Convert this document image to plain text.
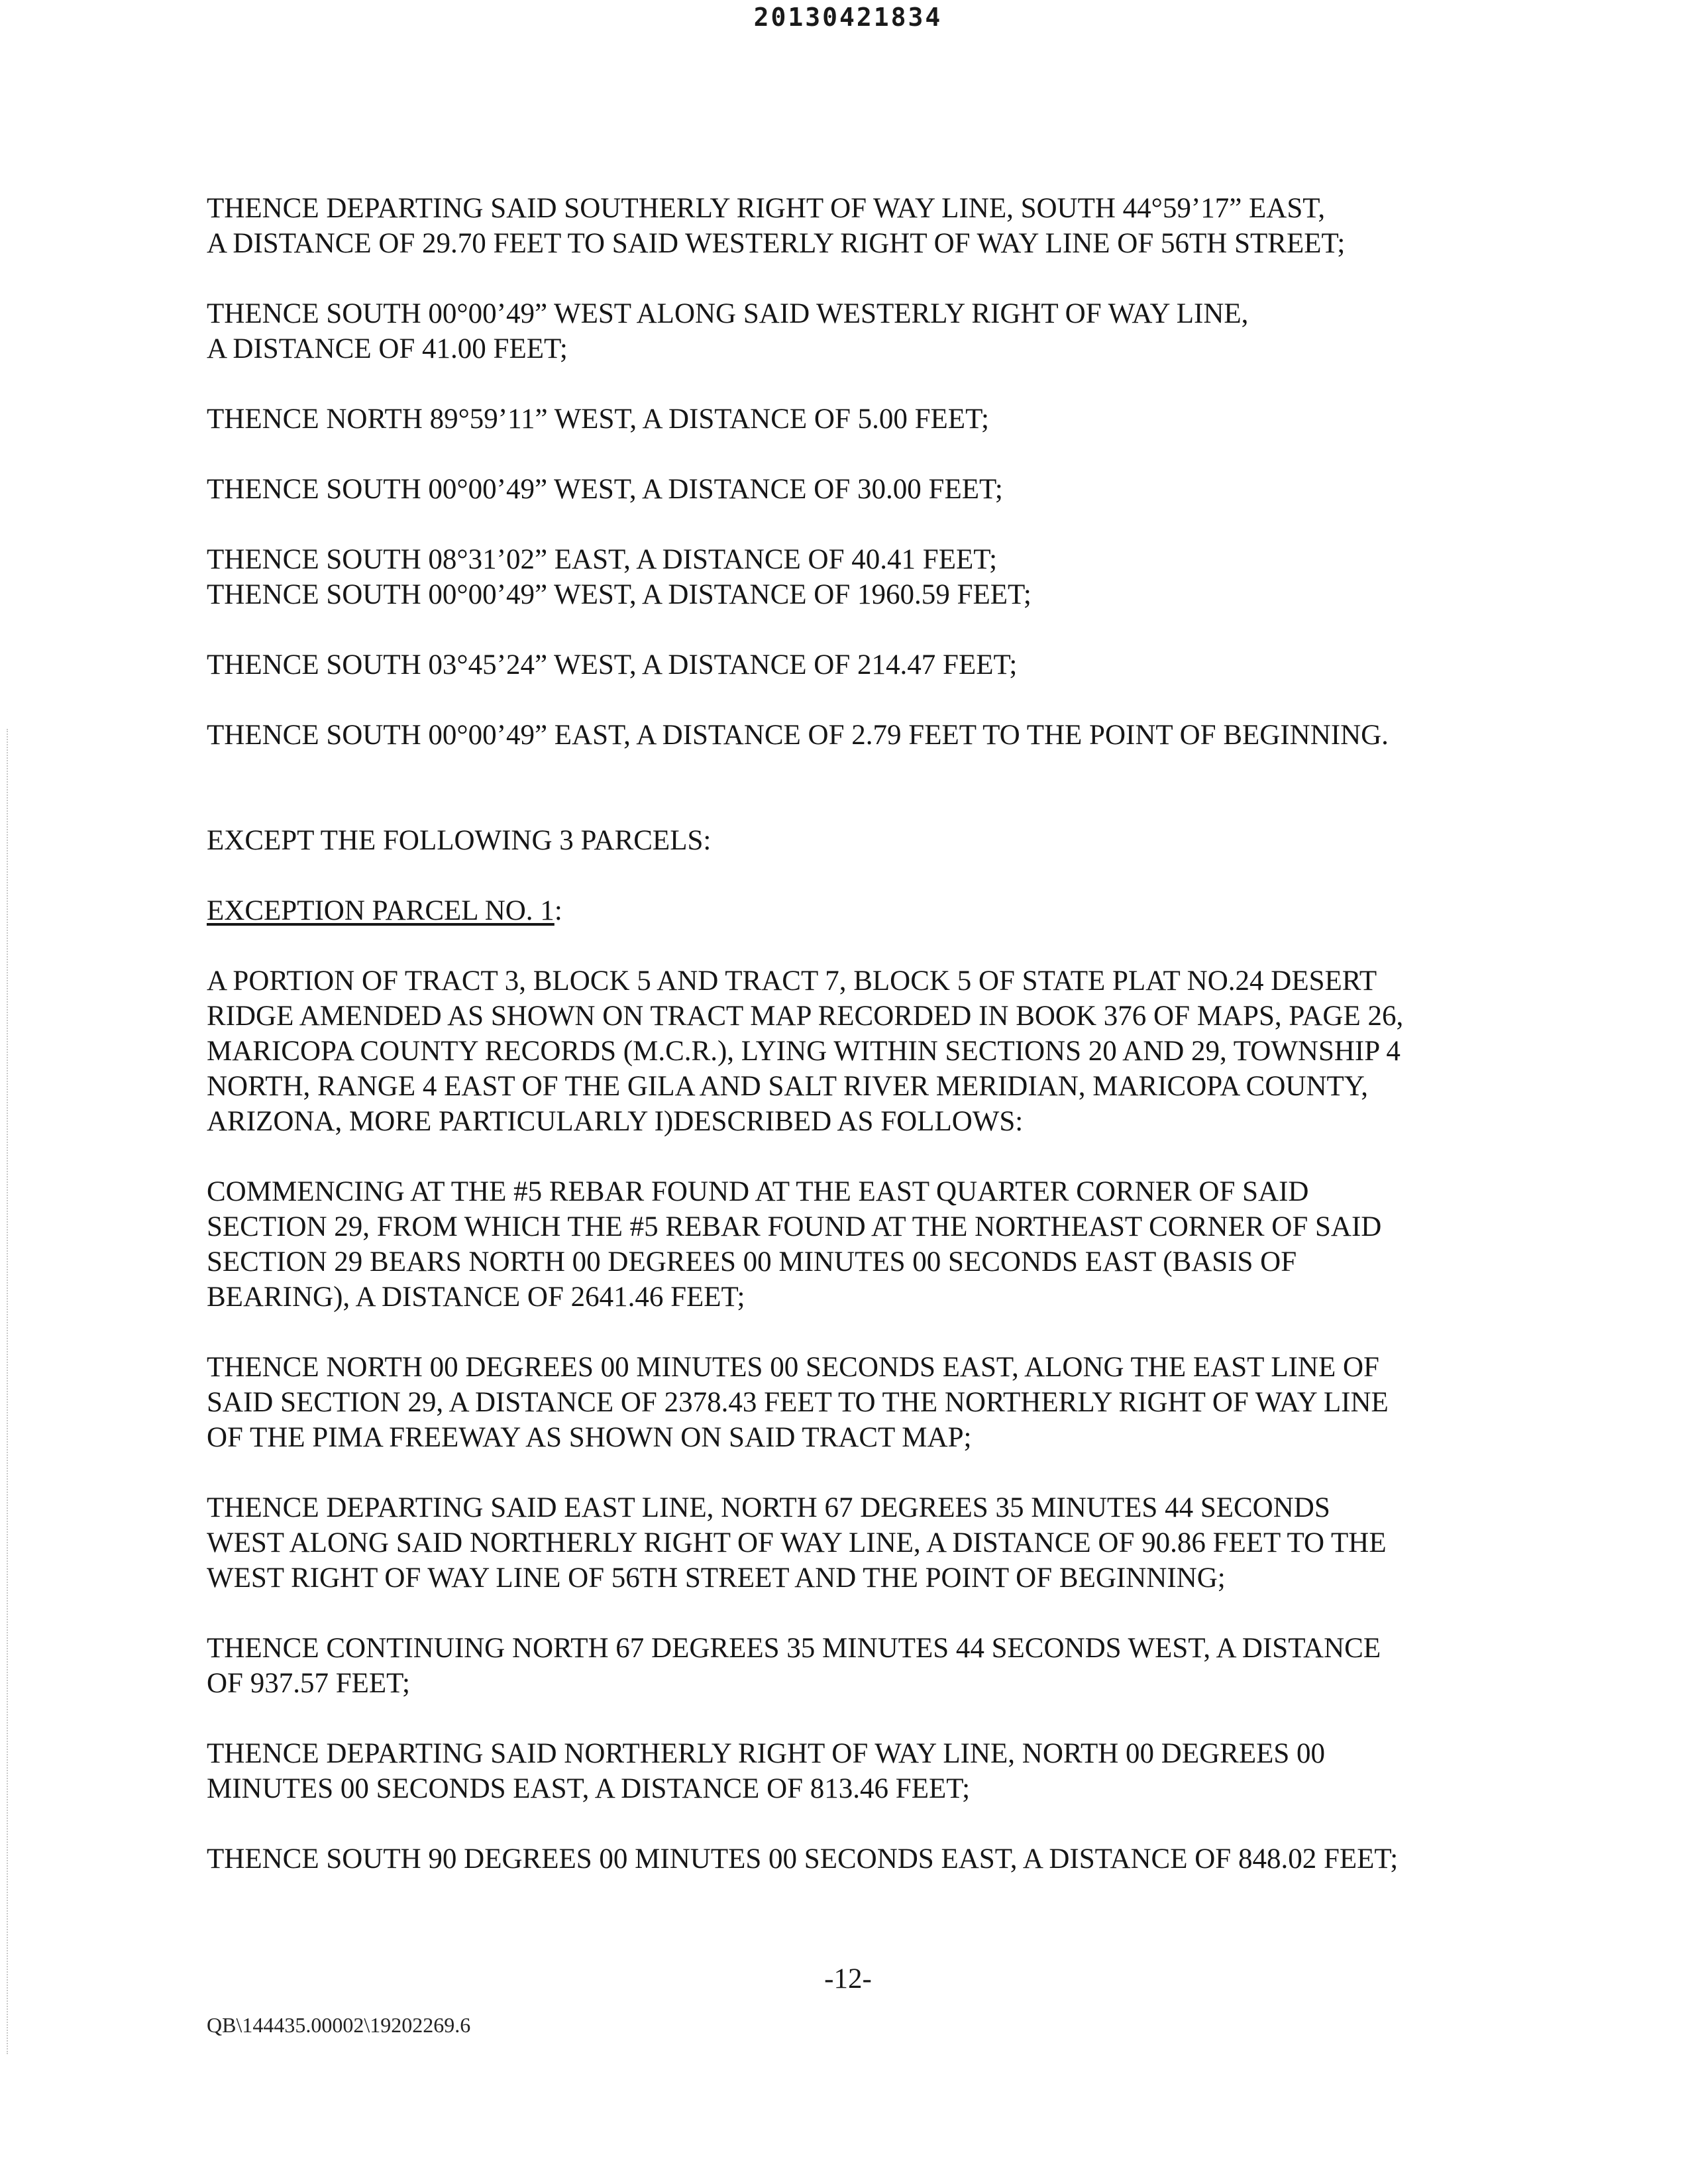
20130421834

THENCE DEPARTING SAID SOUTHERLY RIGHT OF WAY LINE, SOUTH 44°59’17” EAST,
A DISTANCE OF 29.70 FEET TO SAID WESTERLY RIGHT OF WAY LINE OF 56TH STREET;

THENCE SOUTH 00°00’49” WEST ALONG SAID WESTERLY RIGHT OF WAY LINE,
A DISTANCE OF 41.00 FEET;

THENCE NORTH 89°59’11” WEST, A DISTANCE OF 5.00 FEET;

THENCE SOUTH 00°00’49” WEST, A DISTANCE OF 30.00 FEET;

THENCE SOUTH 08°31’02” EAST, A DISTANCE OF 40.41 FEET;
THENCE SOUTH 00°00’49” WEST, A DISTANCE OF 1960.59 FEET;

THENCE SOUTH 03°45’24” WEST, A DISTANCE OF 214.47 FEET;

THENCE SOUTH 00°00’49” EAST, A DISTANCE OF 2.79 FEET TO THE POINT OF BEGINNING.

EXCEPT THE FOLLOWING 3 PARCELS:

EXCEPTION PARCEL NO. 1:

A PORTION OF TRACT 3, BLOCK 5 AND TRACT 7, BLOCK 5 OF STATE PLAT NO.24 DESERT
RIDGE AMENDED AS SHOWN ON TRACT MAP RECORDED IN BOOK 376 OF MAPS, PAGE 26,
MARICOPA COUNTY RECORDS (M.C.R.), LYING WITHIN SECTIONS 20 AND 29, TOWNSHIP 4
NORTH, RANGE 4 EAST OF THE GILA AND SALT RIVER MERIDIAN, MARICOPA COUNTY,
ARIZONA, MORE PARTICULARLY I)DESCRIBED AS FOLLOWS:

COMMENCING AT THE #5 REBAR FOUND AT THE EAST QUARTER CORNER OF SAID
SECTION 29, FROM WHICH THE #5 REBAR FOUND AT THE NORTHEAST CORNER OF SAID
SECTION 29 BEARS NORTH 00 DEGREES 00 MINUTES 00 SECONDS EAST (BASIS OF
BEARING), A DISTANCE OF 2641.46 FEET;

THENCE NORTH 00 DEGREES 00 MINUTES 00 SECONDS EAST, ALONG THE EAST LINE OF
SAID SECTION 29, A DISTANCE OF 2378.43 FEET TO THE NORTHERLY RIGHT OF WAY LINE
OF THE PIMA FREEWAY AS SHOWN ON SAID TRACT MAP;

THENCE DEPARTING SAID EAST LINE, NORTH 67 DEGREES 35 MINUTES 44 SECONDS
WEST ALONG SAID NORTHERLY RIGHT OF WAY LINE, A DISTANCE OF 90.86 FEET TO THE
WEST RIGHT OF WAY LINE OF 56TH STREET AND THE POINT OF BEGINNING;

THENCE CONTINUING NORTH 67 DEGREES 35 MINUTES 44 SECONDS WEST, A DISTANCE
OF 937.57 FEET;

THENCE DEPARTING SAID NORTHERLY RIGHT OF WAY LINE, NORTH 00 DEGREES 00
MINUTES 00 SECONDS EAST, A DISTANCE OF 813.46 FEET;

THENCE SOUTH 90 DEGREES 00 MINUTES 00 SECONDS EAST, A DISTANCE OF 848.02 FEET;

-12-
QB\144435.00002\19202269.6
